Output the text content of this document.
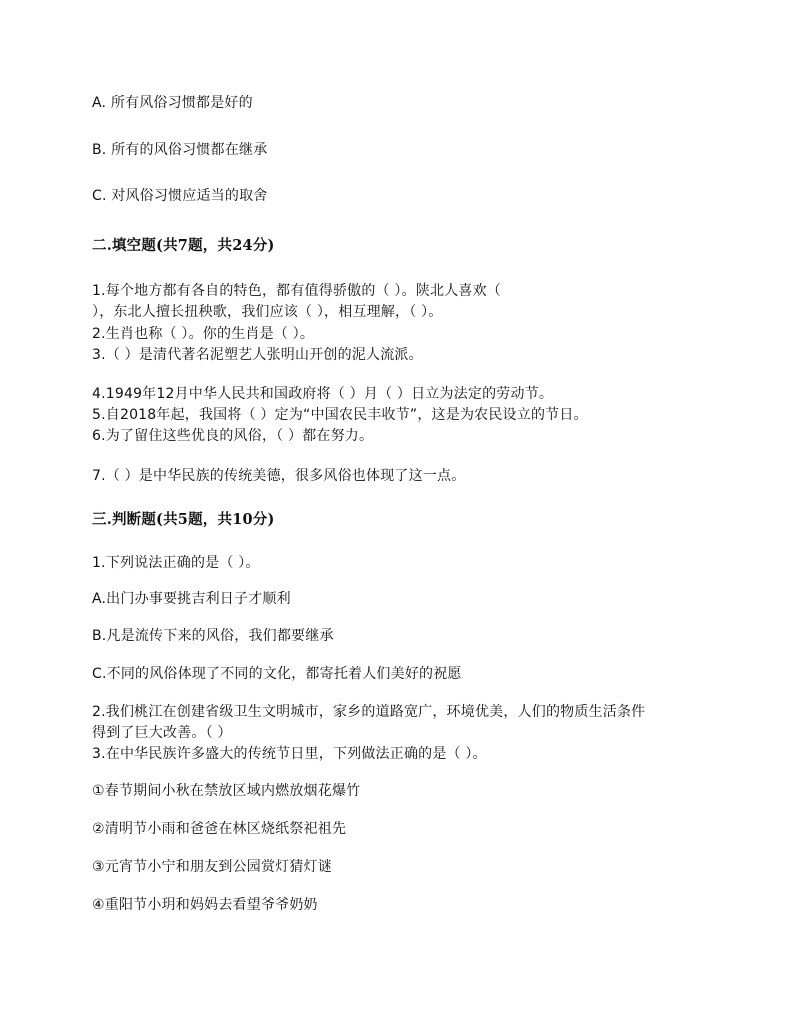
A. 所有风俗习惯都是好的
B. 所有的风俗习惯都在继承
C. 对风俗习惯应适当的取舍
二.填空题(共7题，共24分)
1.每个地方都有各自的特色，都有值得骄傲的（ ）。陕北人喜欢（
），东北人擅长扭秧歌，我们应该（ ），相互理解，（ ）。
2.生肖也称（ ）。你的生肖是（ ）。
3.（ ）是清代著名泥塑艺人张明山开创的泥人流派。
4.1949年12月中华人民共和国政府将（ ）月（ ）日立为法定的劳动节。
5.自2018年起，我国将（ ）定为“中国农民丰收节”，这是为农民设立的节日。
6.为了留住这些优良的风俗，（ ）都在努力。
7.（ ）是中华民族的传统美德，很多风俗也体现了这一点。
三.判断题(共5题，共10分)
1.下列说法正确的是（ ）。
A.出门办事要挑吉利日子才顺利
B.凡是流传下来的风俗，我们都要继承
C.不同的风俗体现了不同的文化，都寄托着人们美好的祝愿
2.我们桃江在创建省级卫生文明城市，家乡的道路宽广，环境优美，人们的物质生活条件
得到了巨大改善。（ ）
3.在中华民族许多盛大的传统节日里，下列做法正确的是（ ）。
①春节期间小秋在禁放区域内燃放烟花爆竹
②清明节小雨和爸爸在林区烧纸祭祀祖先
③元宵节小宁和朋友到公园赏灯猜灯谜
④重阳节小玥和妈妈去看望爷爷奶奶
